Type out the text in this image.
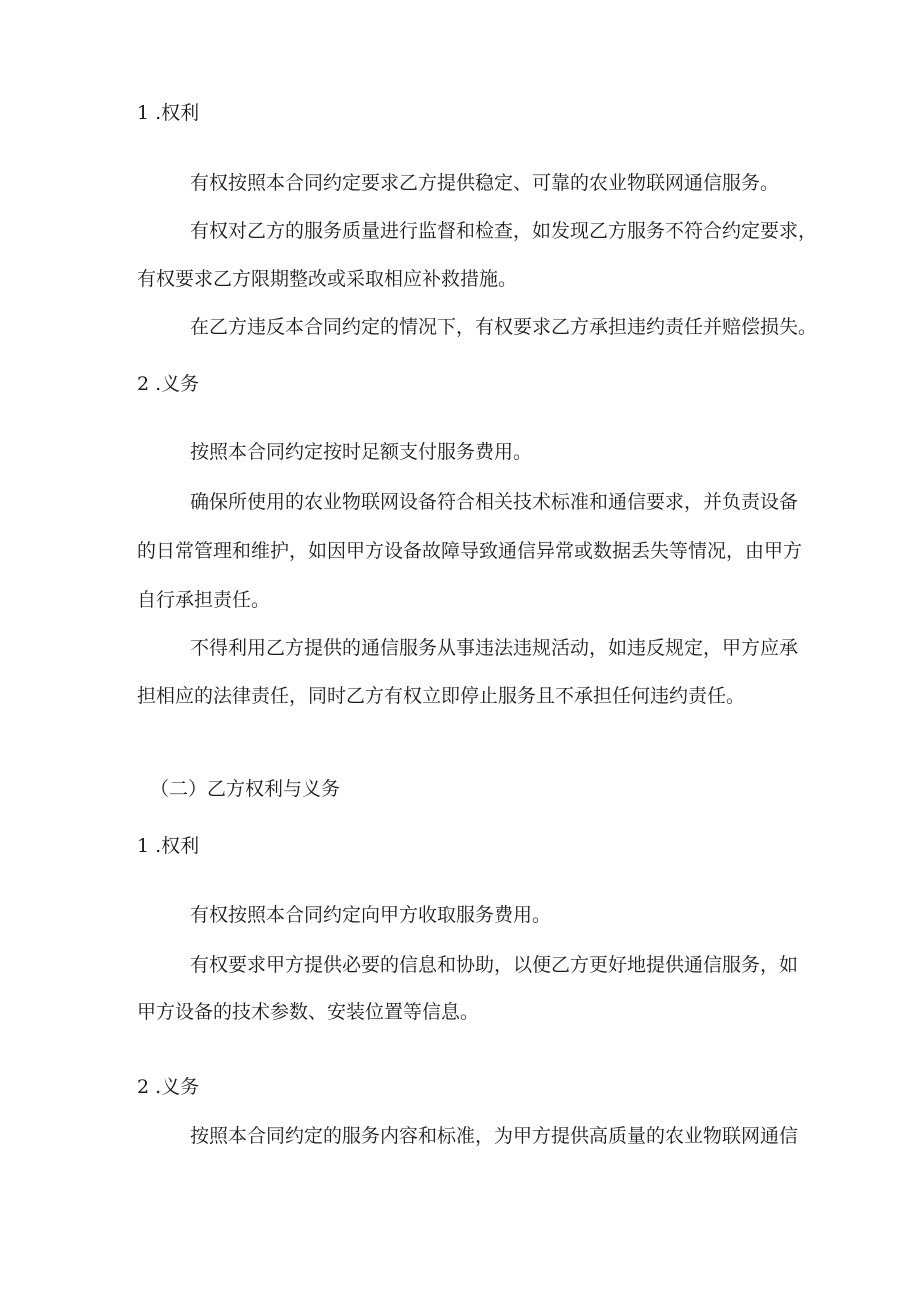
1 .权利

有权按照本合同约定要求乙方提供稳定、可靠的农业物联网通信服务。

有权对乙方的服务质量进行监督和检查，如发现乙方服务不符合约定要求，

有权要求乙方限期整改或采取相应补救措施。

在乙方违反本合同约定的情况下，有权要求乙方承担违约责任并赔偿损失。

2 .义务

按照本合同约定按时足额支付服务费用。

确保所使用的农业物联网设备符合相关技术标准和通信要求，并负责设备

的日常管理和维护，如因甲方设备故障导致通信异常或数据丢失等情况，由甲方

自行承担责任。

不得利用乙方提供的通信服务从事违法违规活动，如违反规定，甲方应承

担相应的法律责任，同时乙方有权立即停止服务且不承担任何违约责任。

（二）乙方权利与义务

1 .权利

有权按照本合同约定向甲方收取服务费用。

有权要求甲方提供必要的信息和协助，以便乙方更好地提供通信服务，如

甲方设备的技术参数、安装位置等信息。

2 .义务

按照本合同约定的服务内容和标准，为甲方提供高质量的农业物联网通信
